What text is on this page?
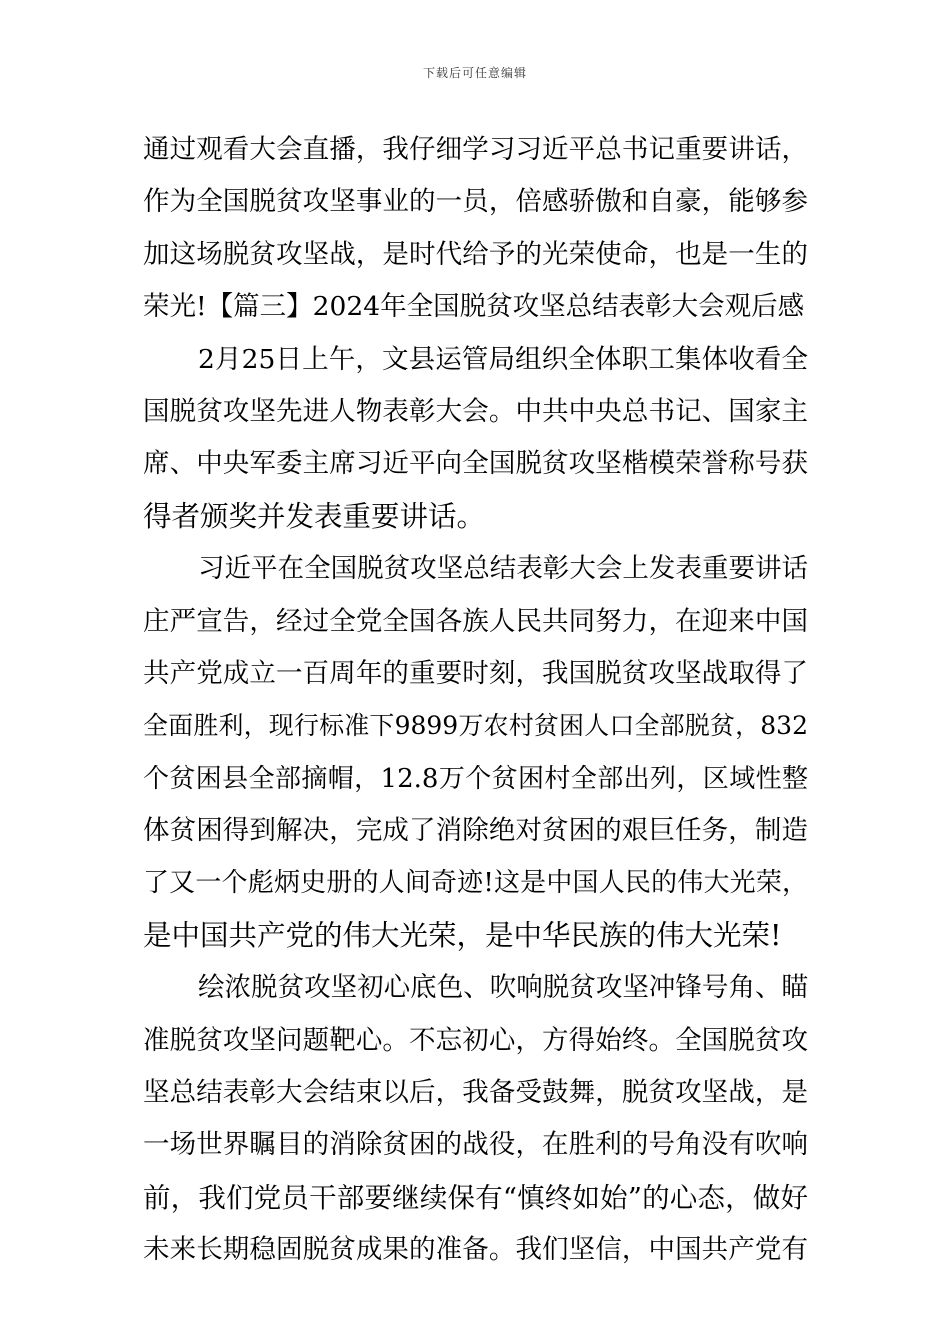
下载后可任意编辑
通过观看大会直播，我仔细学习习近平总书记重要讲话，
作为全国脱贫攻坚事业的一员，倍感骄傲和自豪，能够参
加这场脱贫攻坚战，是时代给予的光荣使命，也是一生的
荣光!【篇三】2024年全国脱贫攻坚总结表彰大会观后感
2月25日上午，文县运管局组织全体职工集体收看全
国脱贫攻坚先进人物表彰大会。中共中央总书记、国家主
席、中央军委主席习近平向全国脱贫攻坚楷模荣誉称号获
得者颁奖并发表重要讲话。
习近平在全国脱贫攻坚总结表彰大会上发表重要讲话
庄严宣告，经过全党全国各族人民共同努力，在迎来中国
共产党成立一百周年的重要时刻，我国脱贫攻坚战取得了
全面胜利，现行标准下9899万农村贫困人口全部脱贫，832
个贫困县全部摘帽，12.8万个贫困村全部出列，区域性整
体贫困得到解决，完成了消除绝对贫困的艰巨任务，制造
了又一个彪炳史册的人间奇迹!这是中国人民的伟大光荣，
是中国共产党的伟大光荣，是中华民族的伟大光荣!
绘浓脱贫攻坚初心底色、吹响脱贫攻坚冲锋号角、瞄
准脱贫攻坚问题靶心。不忘初心，方得始终。全国脱贫攻
坚总结表彰大会结束以后，我备受鼓舞，脱贫攻坚战，是
一场世界瞩目的消除贫困的战役，在胜利的号角没有吹响
前，我们党员干部要继续保有“慎终如始”的心态，做好
未来长期稳固脱贫成果的准备。我们坚信，中国共产党有
